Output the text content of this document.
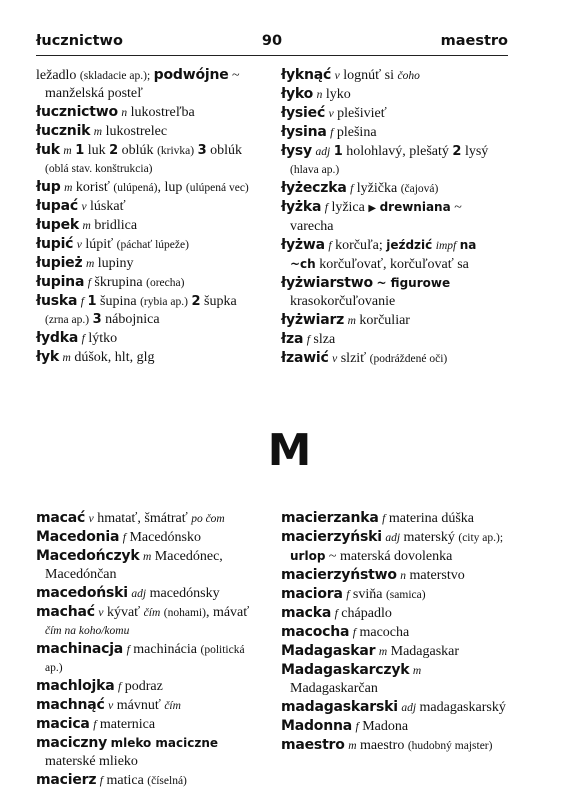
90
łucznictwo	maestro

ležadlo (skladacie ap.); podwójne ~ manželská posteľ

łucznictwo n lukostreľba

łucznik m lukostrelec

łuk m 1 luk 2 oblúk (krivka) 3 oblúk (oblá stav. konštrukcia)

łup m korisť (ulúpená), lup (ulúpená vec)

łupać v lúskať

łupek m bridlica

łupić v lúpiť (páchať lúpeže)

łupież m lupiny

łupina f škrupina (orecha)

łuska f 1 šupina (rybia ap.) 2 šupka (zrna ap.) 3 nábojnica

łydka f lýtko

łyk m dúšok, hlt, glg

łyknąć v lognúť si čoho

łyko n lyko

łysieć v plešivieť

łysina f plešina

łysy adj 1 holohlavý, plešatý 2 lysý (hlava ap.)

łyżeczka f lyžička (čajová)

łyżka f lyžica ▶ drewniana ~ varecha

łyżwa f korčuľa; jeździć impf na ~ch korčuľovať, korčuľovať sa

łyżwiarstwo ~ figurowe krasokorčuľovanie

łyżwiarz m korčuliar

łza f slza

łzawić v slziť (podráždené oči)

M

macać v hmatať, šmátrať po čom

Macedonia f Macedónsko

Macedończyk m Macedónec, Macedónčan

macedoński adj macedónsky

machać v kývať čím (nohami), mávať čím na koho/komu

machinacja f machinácia (politická ap.)

machlojka f podraz

machnąć v mávnuť čím

macica f maternica

maciczny mleko maciczne materské mlieko

macierz f matica (číselná)

macierzanka f materina dúška

macierzyński adj materský (city ap.); urlop ~ materská dovolenka

macierzyństwo n materstvo

maciora f sviňa (samica)

macka f chápadlo

macocha f macocha

Madagaskar m Madagaskar

Madagaskarczyk m Madagaskarčan

madagaskarski adj madagaskarský

Madonna f Madona

maestro m maestro (hudobný majster)
